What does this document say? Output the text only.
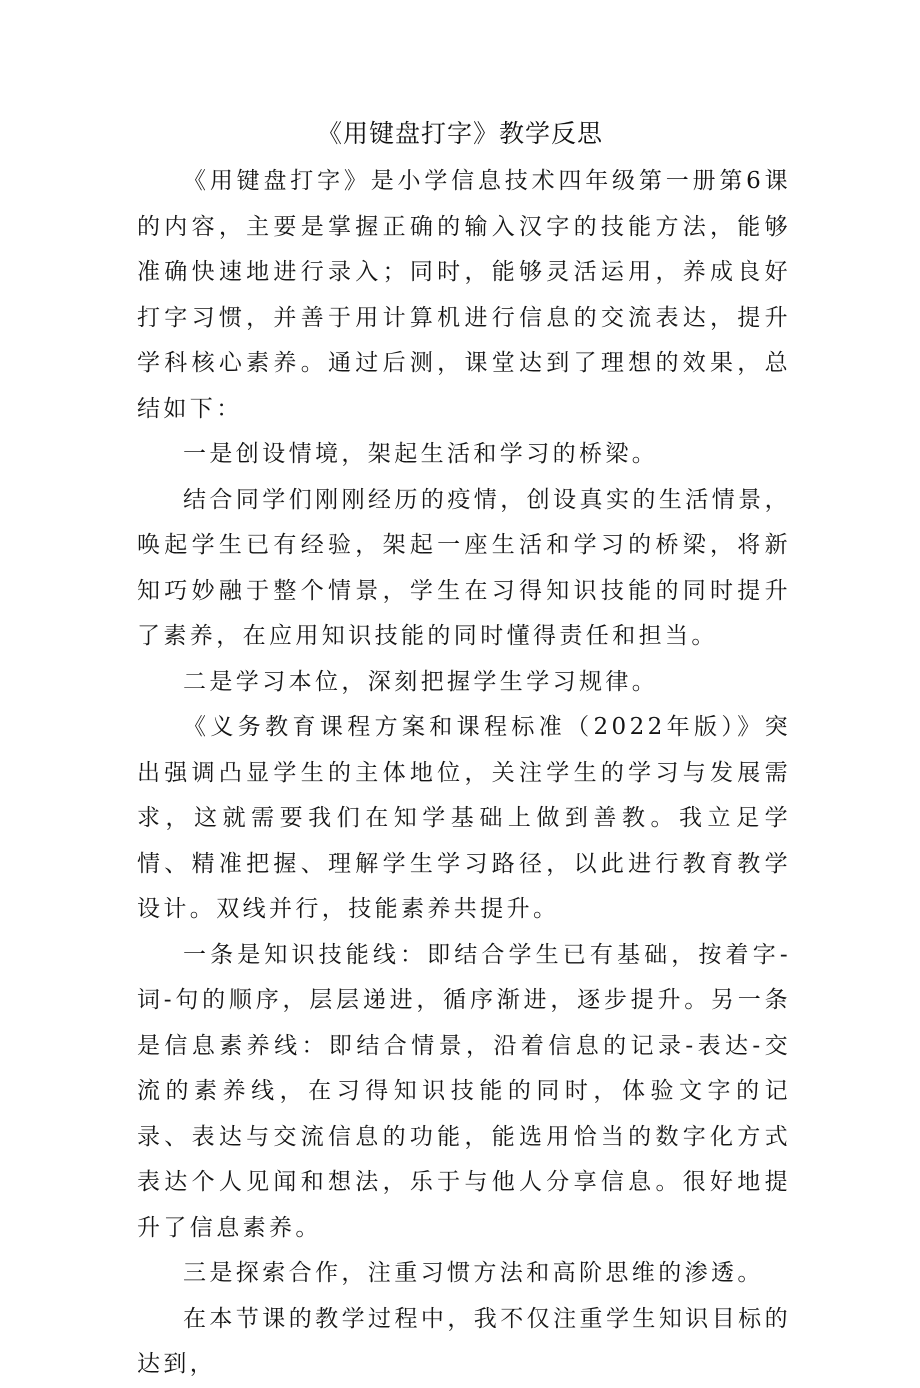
《用键盘打字》教学反思

《用键盘打字》是小学信息技术四年级第一册第6课的内容，主要是掌握正确的输入汉字的技能方法，能够准确快速地进行录入；同时，能够灵活运用，养成良好打字习惯，并善于用计算机进行信息的交流表达，提升学科核心素养。通过后测，课堂达到了理想的效果，总结如下：

一是创设情境，架起生活和学习的桥梁。

结合同学们刚刚经历的疫情，创设真实的生活情景，唤起学生已有经验，架起一座生活和学习的桥梁，将新知巧妙融于整个情景，学生在习得知识技能的同时提升了素养，在应用知识技能的同时懂得责任和担当。

二是学习本位，深刻把握学生学习规律。

《义务教育课程方案和课程标准（2022年版）》突出强调凸显学生的主体地位，关注学生的学习与发展需求，这就需要我们在知学基础上做到善教。我立足学情、精准把握、理解学生学习路径，以此进行教育教学设计。双线并行，技能素养共提升。

一条是知识技能线：即结合学生已有基础，按着字-词-句的顺序，层层递进，循序渐进，逐步提升。另一条是信息素养线：即结合情景，沿着信息的记录-表达-交流的素养线，在习得知识技能的同时，体验文字的记录、表达与交流信息的功能，能选用恰当的数字化方式表达个人见闻和想法，乐于与他人分享信息。很好地提升了信息素养。

三是探索合作，注重习惯方法和高阶思维的渗透。

在本节课的教学过程中，我不仅注重学生知识目标的达到，
